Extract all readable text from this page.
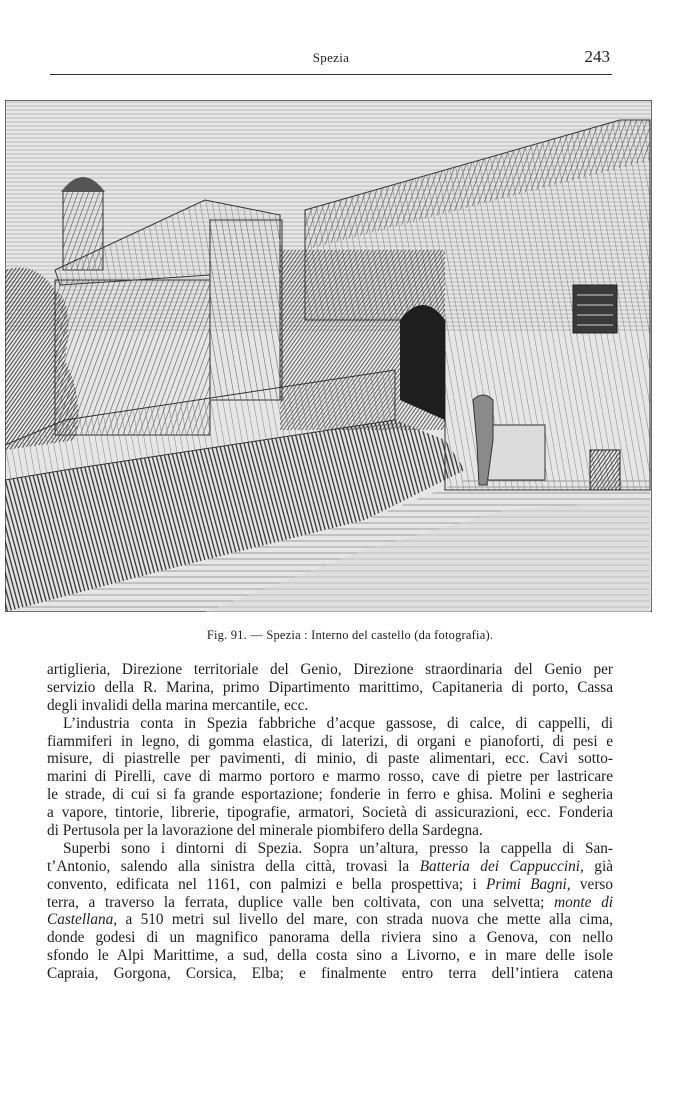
Spezia	243
Fig. 91. — Spezia : Interno del castello (da fotografia).
artiglieria, Direzione territoriale del Genio, Direzione straordinaria del Genio per
servizio della R. Marina, primo Dipartimento marittimo, Capitaneria di porto, Cassa
degli invalidi della marina mercantile, ecc.
L’industria conta in Spezia fabbriche d’acque gassose, di calce, di cappelli, di
fiammiferi in legno, di gomma elastica, di laterizi, di organi e pianoforti, di pesi e
misure, di piastrelle per pavimenti, di minio, di paste alimentari, ecc. Cavi sotto-
marini di Pirelli, cave di marmo portoro e marmo rosso, cave di pietre per lastricare
le strade, di cui si fa grande esportazione; fonderie in ferro e ghisa. Molini e segheria
a vapore, tintorie, librerie, tipografie, armatori, Società di assicurazioni, ecc. Fonderia
di Pertusola per la lavorazione del minerale piombifero della Sardegna.
Superbi sono i dintorni di Spezia. Sopra un’altura, presso la cappella di San-
t’Antonio, salendo alla sinistra della città, trovasi la Batteria dei Cappuccini, già
convento, edificata nel 1161, con palmizi e bella prospettiva; i Primi Bagni, verso
terra, a traverso la ferrata, duplice valle ben coltivata, con una selvetta; monte di
Castellana, a 510 metri sul livello del mare, con strada nuova che mette alla cima,
donde godesi di un magnifico panorama della riviera sino a Genova, con nello
sfondo le Alpi Marittime, a sud, della costa sino a Livorno, e in mare delle isole
Capraia, Gorgona, Corsica, Elba; e finalmente entro terra dell’intiera catena
